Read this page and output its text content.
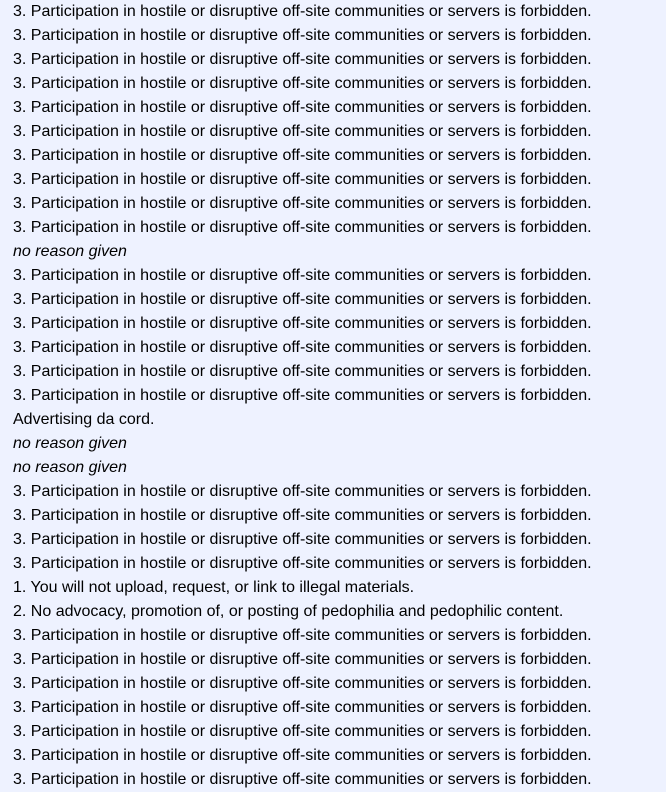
3. Participation in hostile or disruptive off-site communities or servers is forbidden.
3. Participation in hostile or disruptive off-site communities or servers is forbidden.
3. Participation in hostile or disruptive off-site communities or servers is forbidden.
3. Participation in hostile or disruptive off-site communities or servers is forbidden.
3. Participation in hostile or disruptive off-site communities or servers is forbidden.
3. Participation in hostile or disruptive off-site communities or servers is forbidden.
3. Participation in hostile or disruptive off-site communities or servers is forbidden.
3. Participation in hostile or disruptive off-site communities or servers is forbidden.
3. Participation in hostile or disruptive off-site communities or servers is forbidden.
3. Participation in hostile or disruptive off-site communities or servers is forbidden.
no reason given
3. Participation in hostile or disruptive off-site communities or servers is forbidden.
3. Participation in hostile or disruptive off-site communities or servers is forbidden.
3. Participation in hostile or disruptive off-site communities or servers is forbidden.
3. Participation in hostile or disruptive off-site communities or servers is forbidden.
3. Participation in hostile or disruptive off-site communities or servers is forbidden.
3. Participation in hostile or disruptive off-site communities or servers is forbidden.
Advertising da cord.
no reason given
no reason given
3. Participation in hostile or disruptive off-site communities or servers is forbidden.
3. Participation in hostile or disruptive off-site communities or servers is forbidden.
3. Participation in hostile or disruptive off-site communities or servers is forbidden.
3. Participation in hostile or disruptive off-site communities or servers is forbidden.
1. You will not upload, request, or link to illegal materials.
2. No advocacy, promotion of, or posting of pedophilia and pedophilic content.
3. Participation in hostile or disruptive off-site communities or servers is forbidden.
3. Participation in hostile or disruptive off-site communities or servers is forbidden.
3. Participation in hostile or disruptive off-site communities or servers is forbidden.
3. Participation in hostile or disruptive off-site communities or servers is forbidden.
3. Participation in hostile or disruptive off-site communities or servers is forbidden.
3. Participation in hostile or disruptive off-site communities or servers is forbidden.
3. Participation in hostile or disruptive off-site communities or servers is forbidden.
